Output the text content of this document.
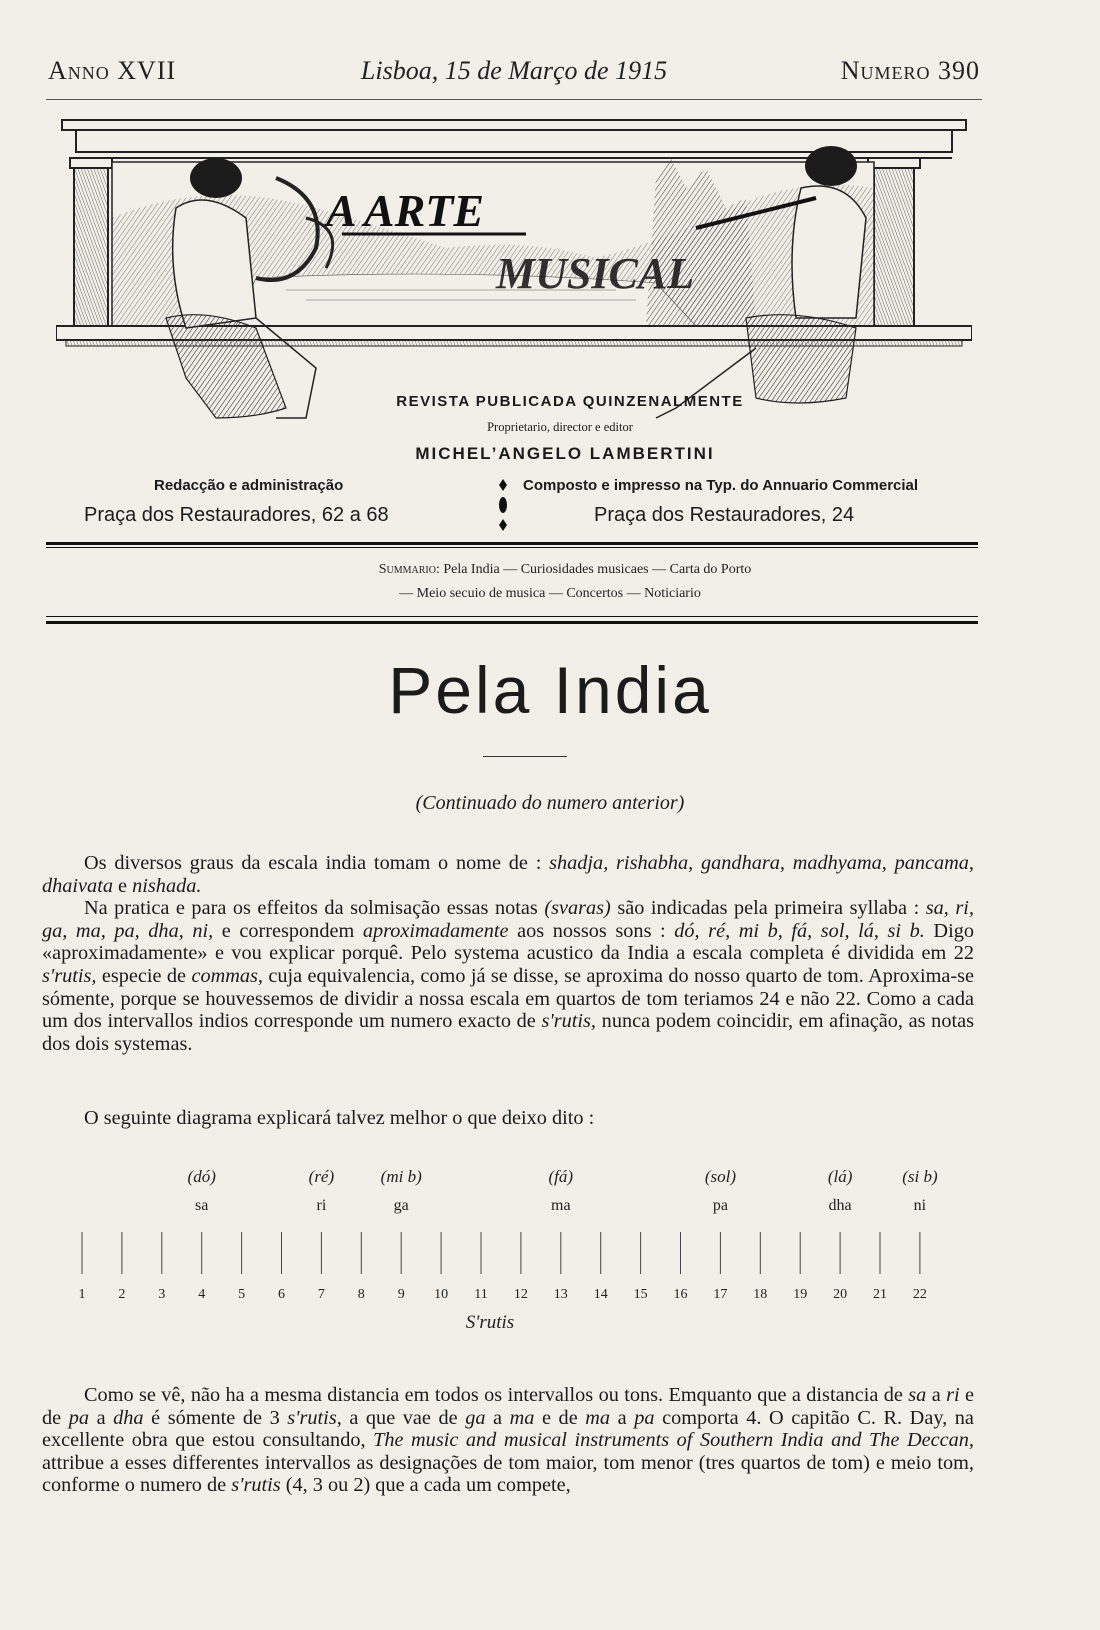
Anno XVII	Lisboa, 15 de Março de 1915	Numero 390
A ARTE
MUSICAL
REVISTA PUBLICADA QUINZENALMENTE
Proprietario, director e editor
MICHEL’ANGELO LAMBERTINI
Redacção e administração
Praça dos Restauradores, 62 a 68
Composto e impresso na Typ. do Annuario Commercial
Praça dos Restauradores, 24
Summario: Pela India — Curiosidades musicaes — Carta do Porto
— Meio secuio de musica — Concertos — Noticiario
Pela India
(Continuado do numero anterior)

Os diversos graus da escala india tomam o nome de : shadja, rishabha, gandhara, madhyama, pancama, dhaivata e nishada.
Na pratica e para os effeitos da solmisação essas notas (svaras) são indicadas pela primeira syllaba : sa, ri, ga, ma, pa, dha, ni, e correspondem aproximadamente aos nossos sons : dó, ré, mi b, fá, sol, lá, si b. Digo «aproximadamente» e vou explicar porquê. Pelo systema acustico da India a escala completa é dividida em 22 s'rutis, especie de commas, cuja equivalencia, como já se disse, se aproxima do nosso quarto de tom. Aproxima-se sómente, porque se houvessemos de dividir a nossa escala em quartos de tom teriamos 24 e não 22. Como a cada um dos intervallos indios corresponde um numero exacto de s'rutis, nunca podem coincidir, em afinação, as notas dos dois systemas.

O seguinte diagrama explicará talvez melhor o que deixo dito :

1 2 3 4 5 6 7 8 9 10 11 12 13 14 15 16 17 18 19 20 21 22
(dó)
sa
(ré)
ri
(mi b)
ga
(fá)
ma
(sol)
pa
(lá)
dha
(si b)
ni
S'rutis

Como se vê, não ha a mesma distancia em todos os intervallos ou tons. Emquanto que a distancia de sa a ri e de pa a dha é sómente de 3 s'rutis, a que vae de ga a ma e de ma a pa comporta 4. O capitão C. R. Day, na excellente obra que estou consultando, The music and musical instruments of Southern India and The Deccan, attribue a esses differentes intervallos as designações de tom maior, tom menor (tres quartos de tom) e meio tom, conforme o numero de s'rutis (4, 3 ou 2) que a cada um compete,
